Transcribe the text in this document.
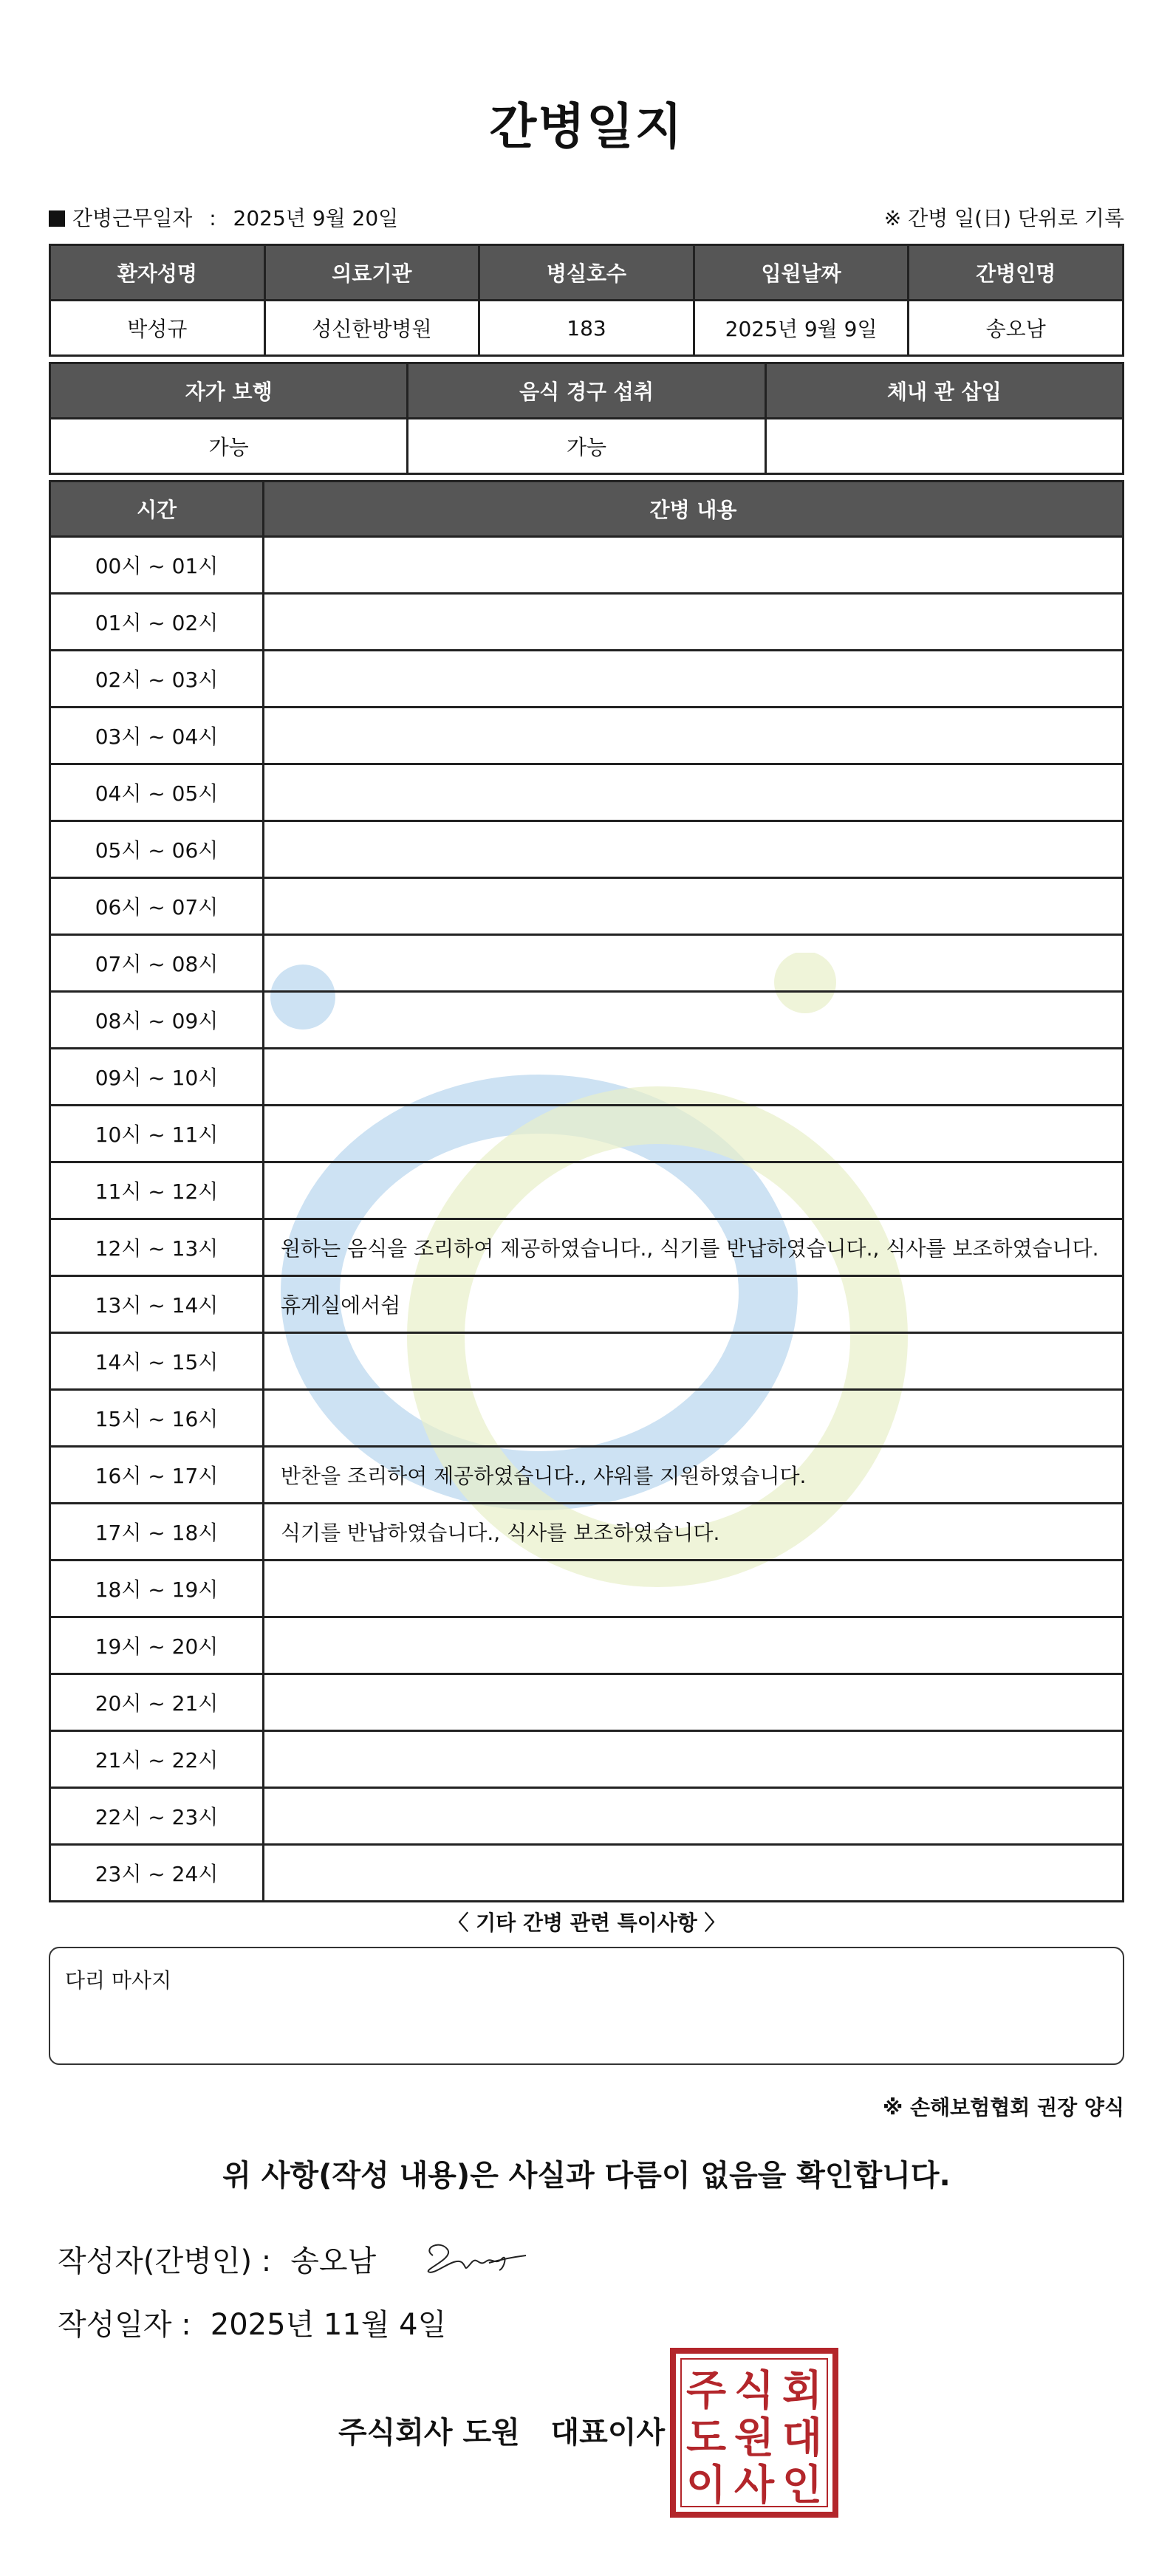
간병일지
간병근무일자 : 2025년 9월 20일	※ 간병 일(日) 단위로 기록
환자성명	의료기관	병실호수	입원날짜	간병인명
박성규	성신한방병원	183	2025년 9월 9일	송오남
자가 보행	음식 경구 섭취	체내 관 삽입
가능	가능	
시간	간병 내용
00시 ~ 01시	
01시 ~ 02시	
02시 ~ 03시	
03시 ~ 04시	
04시 ~ 05시	
05시 ~ 06시	
06시 ~ 07시	
07시 ~ 08시	
08시 ~ 09시	
09시 ~ 10시	
10시 ~ 11시	
11시 ~ 12시	
12시 ~ 13시	원하는 음식을 조리하여 제공하였습니다., 식기를 반납하였습니다., 식사를 보조하였습니다.
13시 ~ 14시	휴게실에서쉼
14시 ~ 15시	
15시 ~ 16시	
16시 ~ 17시	반찬을 조리하여 제공하였습니다., 샤워를 지원하였습니다.
17시 ~ 18시	식기를 반납하였습니다., 식사를 보조하였습니다.
18시 ~ 19시	
19시 ~ 20시	
20시 ~ 21시	
21시 ~ 22시	
22시 ~ 23시	
23시 ~ 24시	
〈 기타 간병 관련 특이사항 〉
다리 마사지
※ 손해보험협회 권장 양식
위 사항(작성 내용)은 사실과 다름이 없음을 확인합니다.
작성자(간병인) : 송오남
작성일자 : 2025년 11월 4일
주식회사 도원   대표이사
주 식 회
도 원 대
이 사 인
